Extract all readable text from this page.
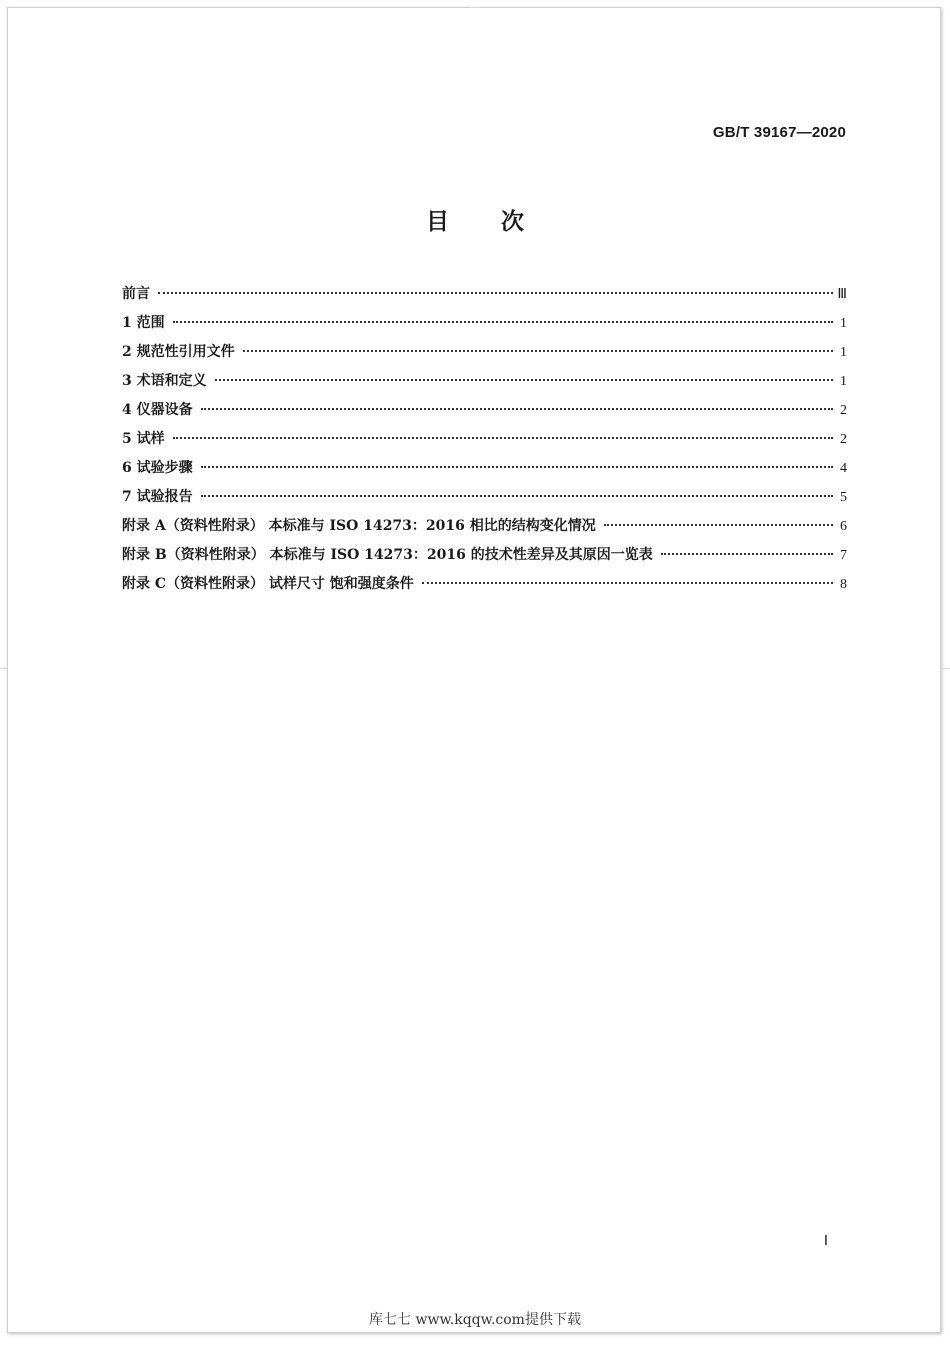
GB/T 39167—2020
目 次
前言	Ⅲ
1 范围	1
2 规范性引用文件	1
3 术语和定义	1
4 仪器设备	2
5 试样	2
6 试验步骤	4
7 试验报告	5
附录 A（资料性附录） 本标准与 ISO 14273：2016 相比的结构变化情况	6
附录 B（资料性附录） 本标准与 ISO 14273：2016 的技术性差异及其原因一览表	7
附录 C（资料性附录） 试样尺寸 饱和强度条件	8
Ⅰ
库七七 www.kqqw.com提供下载
